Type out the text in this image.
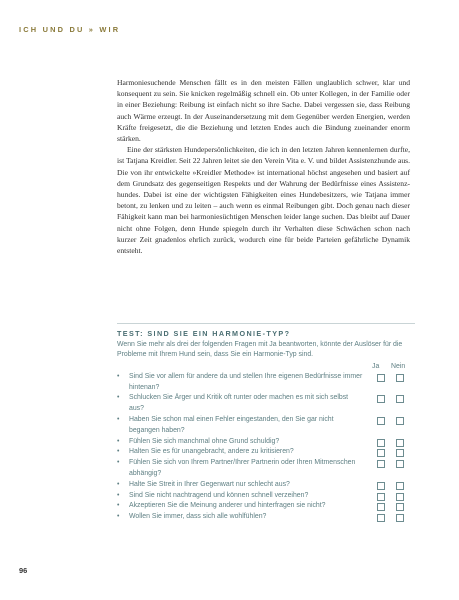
ICH UND DU » WIR

Harmoniesuchende Menschen fällt es in den meisten Fällen unglaublich schwer, klar und konsequent zu sein. Sie knicken regelmäßig schnell ein. Ob unter Kollegen, in der Familie oder in einer Beziehung: Reibung ist einfach nicht so ihre Sache. Dabei vergessen sie, dass Reibung auch Wärme erzeugt. In der Auseinandersetzung mit dem Gegenüber werden Energien, werden Kräfte freigesetzt, die die Beziehung und letzten Endes auch die Bindung zueinander enorm stärken.

Eine der stärksten Hundepersönlichkeiten, die ich in den letzten Jahren kennenlernen durfte, ist Tatjana Kreidler. Seit 22 Jahren leitet sie den Verein Vita e. V. und bildet Assistenzhunde aus. Die von ihr entwickelte »Kreidler Methode« ist international höchst angesehen und basiert auf dem Grundsatz des gegenseitigen Respekts und der Wahrung der Bedürfnisse eines Assistenzhundes. Dabei ist eine der wichtigsten Fähigkeiten eines Hundebesitzers, wie Tatjana immer betont, zu lenken und zu leiten – auch wenn es einmal Reibungen gibt. Doch genau nach dieser Fähigkeit kann man bei harmoniesüchtigen Menschen leider lange suchen. Das bleibt auf Dauer nicht ohne Folgen, denn Hunde spiegeln durch ihr Verhalten diese Schwächen schon nach kurzer Zeit gnadenlos ehrlich zurück, wodurch eine für beide Parteien gefährliche Dynamik entsteht.

TEST: SIND SIE EIN HARMONIE-TYP?
Wenn Sie mehr als drei der folgenden Fragen mit Ja beantworten, könnte der Auslöser für die Probleme mit Ihrem Hund sein, dass Sie ein Harmonie-Typ sind.
Ja Nein
• Sind Sie vor allem für andere da und stellen Ihre eigenen Bedürfnisse immer hintenan?
• Schlucken Sie Ärger und Kritik oft runter oder machen es mit sich selbst aus?
• Haben Sie schon mal einen Fehler eingestanden, den Sie gar nicht begangen haben?
• Fühlen Sie sich manchmal ohne Grund schuldig?
• Halten Sie es für unangebracht, andere zu kritisieren?
• Fühlen Sie sich von Ihrem Partner/Ihrer Partnerin oder Ihren Mitmenschen abhängig?
• Halte Sie Streit in Ihrer Gegenwart nur schlecht aus?
• Sind Sie nicht nachtragend und können schnell verzeihen?
• Akzeptieren Sie die Meinung anderer und hinterfragen sie nicht?
• Wollen Sie immer, dass sich alle wohlfühlen?
96
